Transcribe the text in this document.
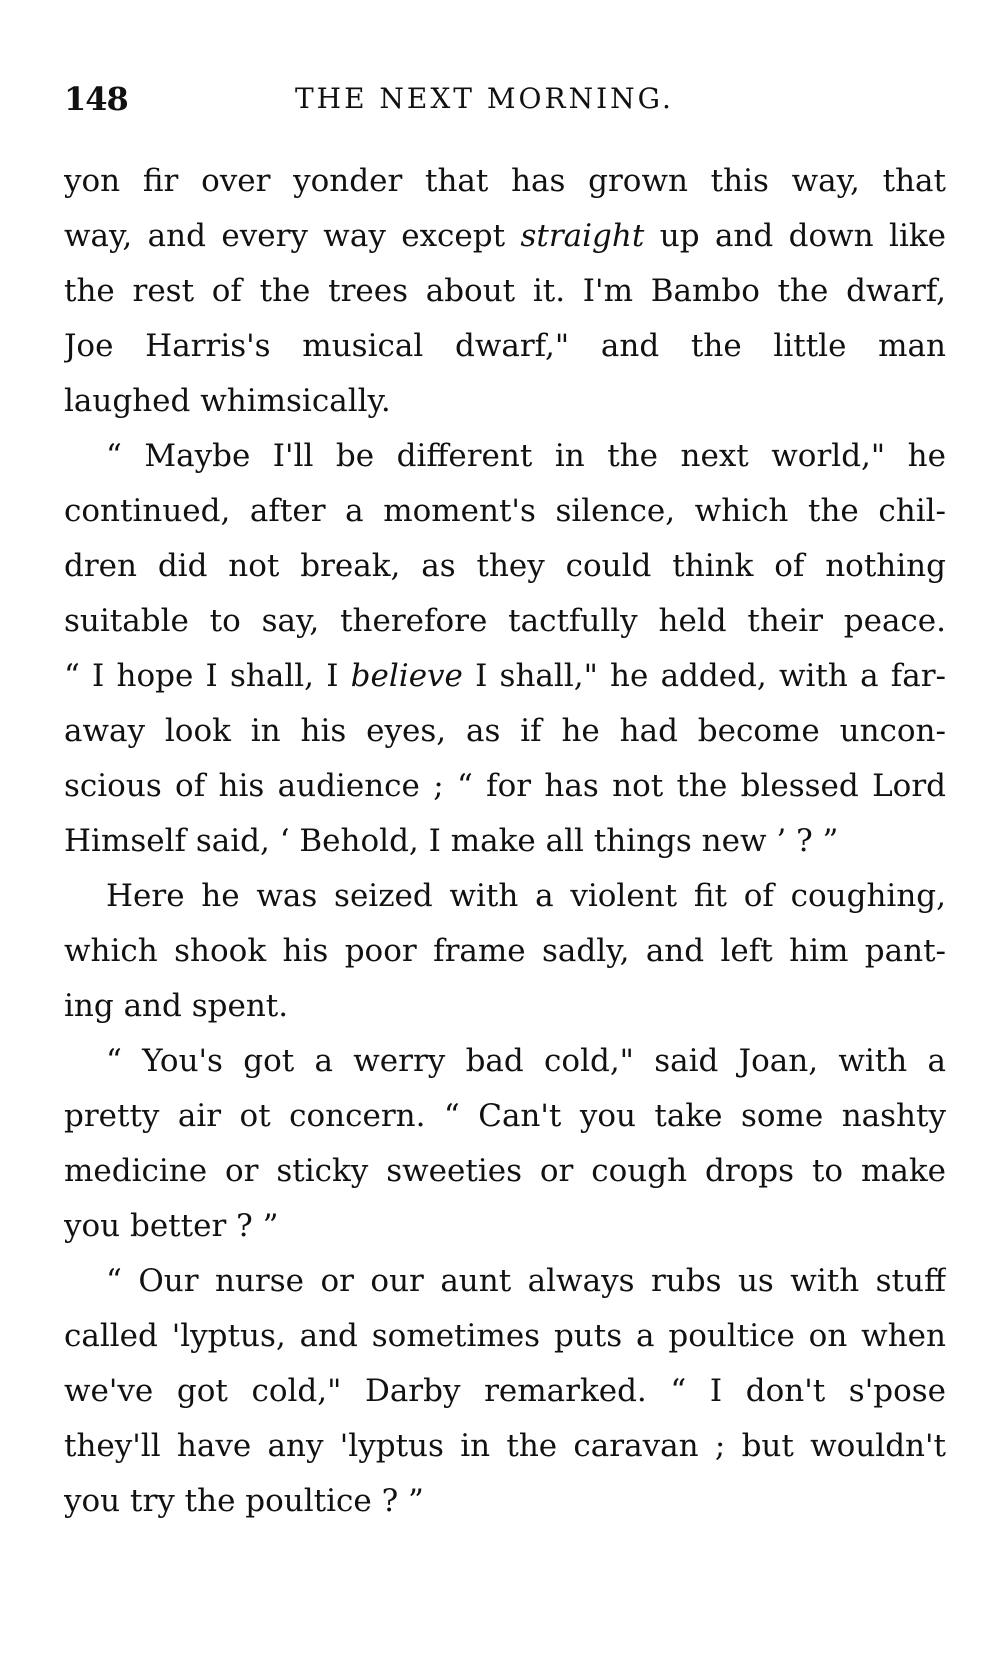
148	THE NEXT MORNING.
yon fir over yonder that has grown this way, that
way, and every way except straight up and down like
the rest of the trees about it. I'm Bambo the dwarf,
Joe Harris's musical dwarf," and the little man
laughed whimsically.
“ Maybe I'll be different in the next world," he
continued, after a moment's silence, which the chil-
dren did not break, as they could think of nothing
suitable to say, therefore tactfully held their peace.
“ I hope I shall, I believe I shall," he added, with a far-
away look in his eyes, as if he had become uncon-
scious of his audience ; “ for has not the blessed Lord
Himself said, ‘ Behold, I make all things new ’ ? ”
Here he was seized with a violent fit of coughing,
which shook his poor frame sadly, and left him pant-
ing and spent.
“ You's got a werry bad cold," said Joan, with a
pretty air ot concern. “ Can't you take some nashty
medicine or sticky sweeties or cough drops to make
you better ? ”
“ Our nurse or our aunt always rubs us with stuff
called 'lyptus, and sometimes puts a poultice on when
we've got cold," Darby remarked. “ I don't s'pose
they'll have any 'lyptus in the caravan ; but wouldn't
you try the poultice ? ”
